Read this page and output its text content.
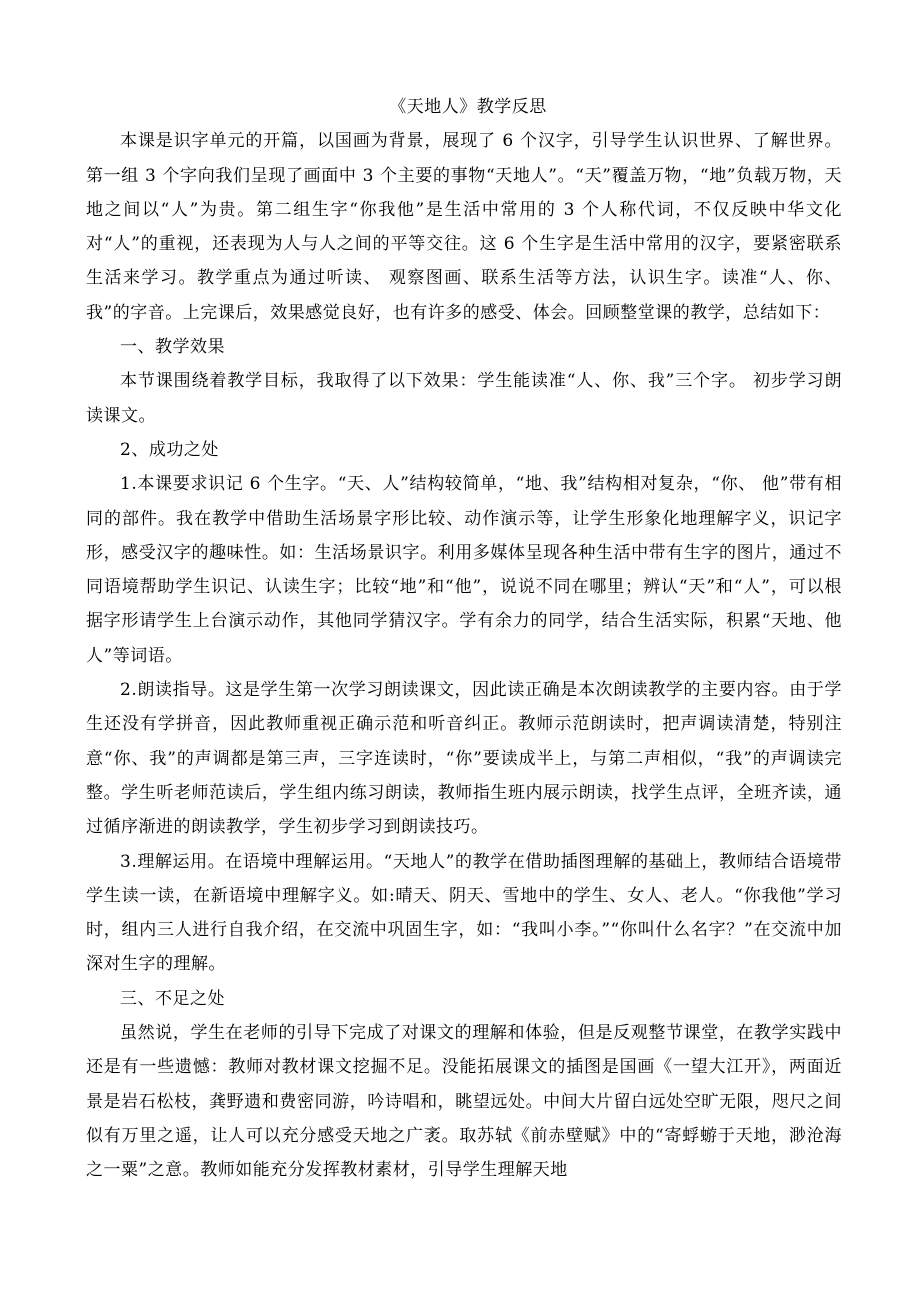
《天地人》教学反思

本课是识字单元的开篇，以国画为背景，展现了 6 个汉字，引导学生认识世界、了解世界。第一组 3 个字向我们呈现了画面中 3 个主要的事物“天地人”。“天”覆盖万物，“地”负载万物，天地之间以“人”为贵。第二组生字“你我他”是生活中常用的 3 个人称代词，不仅反映中华文化对“人”的重视，还表现为人与人之间的平等交往。这 6 个生字是生活中常用的汉字，要紧密联系生活来学习。教学重点为通过听读、 观察图画、联系生活等方法，认识生字。读准“人、你、我”的字音。上完课后，效果感觉良好，也有许多的感受、体会。回顾整堂课的教学，总结如下：

一、教学效果

本节课围绕着教学目标，我取得了以下效果：学生能读准“人、你、我”三个字。 初步学习朗读课文。

2、成功之处

1.本课要求识记 6 个生字。“天、人”结构较简单，“地、我”结构相对复杂，“你、 他”带有相同的部件。我在教学中借助生活场景字形比较、动作演示等，让学生形象化地理解字义，识记字形，感受汉字的趣味性。如：生活场景识字。利用多媒体呈现各种生活中带有生字的图片，通过不同语境帮助学生识记、认读生字；比较“地”和“他”，说说不同在哪里；辨认“天”和“人”，可以根据字形请学生上台演示动作，其他同学猜汉字。学有余力的同学，结合生活实际，积累“天地、他人”等词语。

2.朗读指导。这是学生第一次学习朗读课文，因此读正确是本次朗读教学的主要内容。由于学生还没有学拼音，因此教师重视正确示范和听音纠正。教师示范朗读时，把声调读清楚，特别注意“你、我”的声调都是第三声，三字连读时，“你”要读成半上，与第二声相似，“我”的声调读完整。学生听老师范读后，学生组内练习朗读，教师指生班内展示朗读，找学生点评，全班齐读，通过循序渐进的朗读教学，学生初步学习到朗读技巧。

3.理解运用。在语境中理解运用。“天地人”的教学在借助插图理解的基础上，教师结合语境带学生读一读，在新语境中理解字义。如:晴天、阴天、雪地中的学生、女人、老人。“你我他”学习时，组内三人进行自我介绍，在交流中巩固生字，如：“我叫小李。”“你叫什么名字？”在交流中加深对生字的理解。

三、不足之处

虽然说，学生在老师的引导下完成了对课文的理解和体验，但是反观整节课堂，在教学实践中还是有一些遗憾：教师对教材课文挖掘不足。没能拓展课文的插图是国画《一望大江开》，两面近景是岩石松枝，龚野遗和费密同游，吟诗唱和，眺望远处。中间大片留白远处空旷无限，咫尺之间似有万里之遥，让人可以充分感受天地之广袤。取苏轼《前赤壁赋》中的“寄蜉蝣于天地，渺沧海之一粟”之意。教师如能充分发挥教材素材，引导学生理解天地
